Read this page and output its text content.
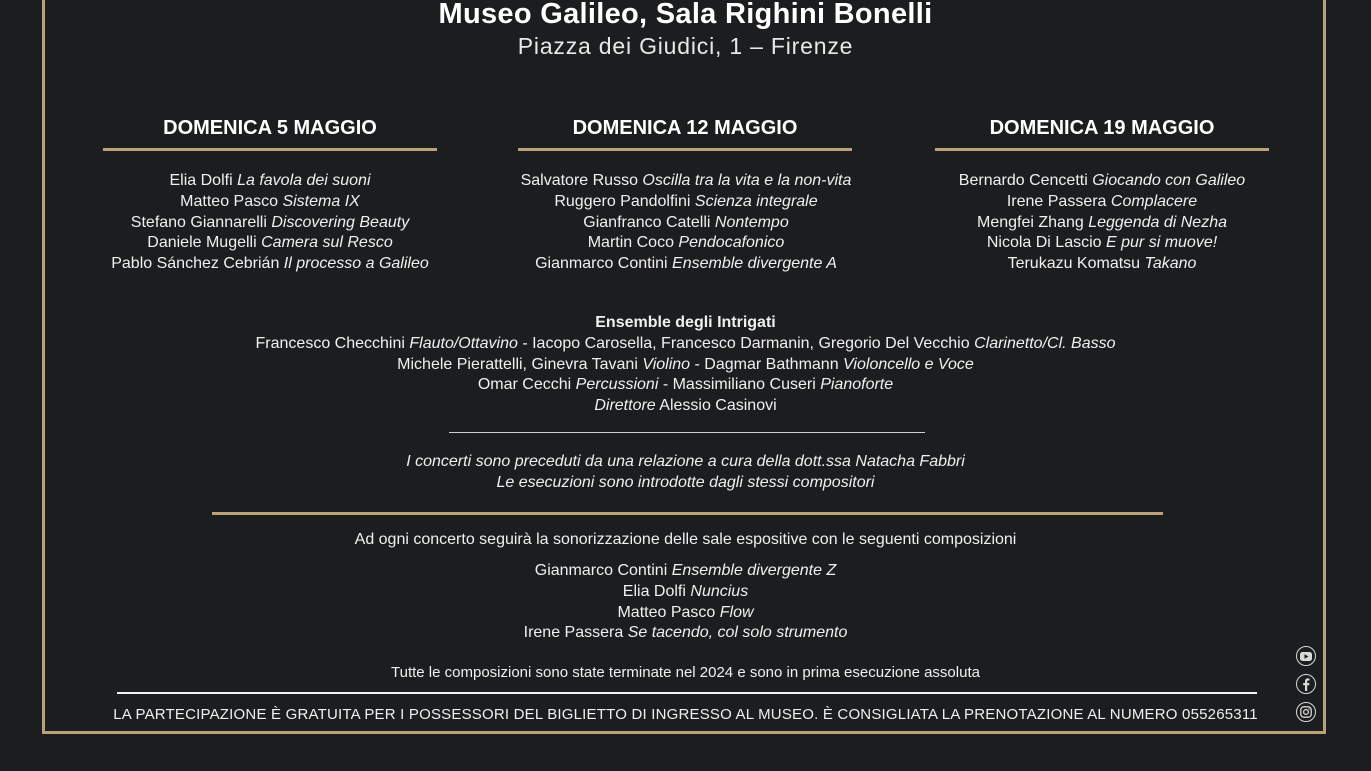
Museo Galileo, Sala Righini Bonelli
Piazza dei Giudici, 1 – Firenze
DOMENICA 5 MAGGIO
Elia Dolfi La favola dei suoni
Matteo Pasco Sistema IX
Stefano Giannarelli Discovering Beauty
Daniele Mugelli Camera sul Resco
Pablo Sánchez Cebrián Il processo a Galileo
DOMENICA 12 MAGGIO
Salvatore Russo Oscilla tra la vita e la non-vita
Ruggero Pandolfini Scienza integrale
Gianfranco Catelli Nontempo
Martin Coco Pendocafonico
Gianmarco Contini Ensemble divergente A
DOMENICA 19 MAGGIO
Bernardo Cencetti Giocando con Galileo
Irene Passera Complacere
Mengfei Zhang Leggenda di Nezha
Nicola Di Lascio E pur si muove!
Terukazu Komatsu Takano
Ensemble degli Intrigati
Francesco Checchini Flauto/Ottavino - Iacopo Carosella, Francesco Darmanin, Gregorio Del Vecchio Clarinetto/Cl. Basso
Michele Pierattelli, Ginevra Tavani Violino - Dagmar Bathmann Violoncello e Voce
Omar Cecchi Percussioni - Massimiliano Cuseri Pianoforte
Direttore Alessio Casinovi
I concerti sono preceduti da una relazione a cura della dott.ssa Natacha Fabbri
Le esecuzioni sono introdotte dagli stessi compositori
Ad ogni concerto seguirà la sonorizzazione delle sale espositive con le seguenti composizioni
Gianmarco Contini Ensemble divergente Z
Elia Dolfi Nuncius
Matteo Pasco Flow
Irene Passera Se tacendo, col solo strumento
Tutte le composizioni sono state terminate nel 2024 e sono in prima esecuzione assoluta
LA PARTECIPAZIONE È GRATUITA PER I POSSESSORI DEL BIGLIETTO DI INGRESSO AL MUSEO. È CONSIGLIATA LA PRENOTAZIONE AL NUMERO 055265311
